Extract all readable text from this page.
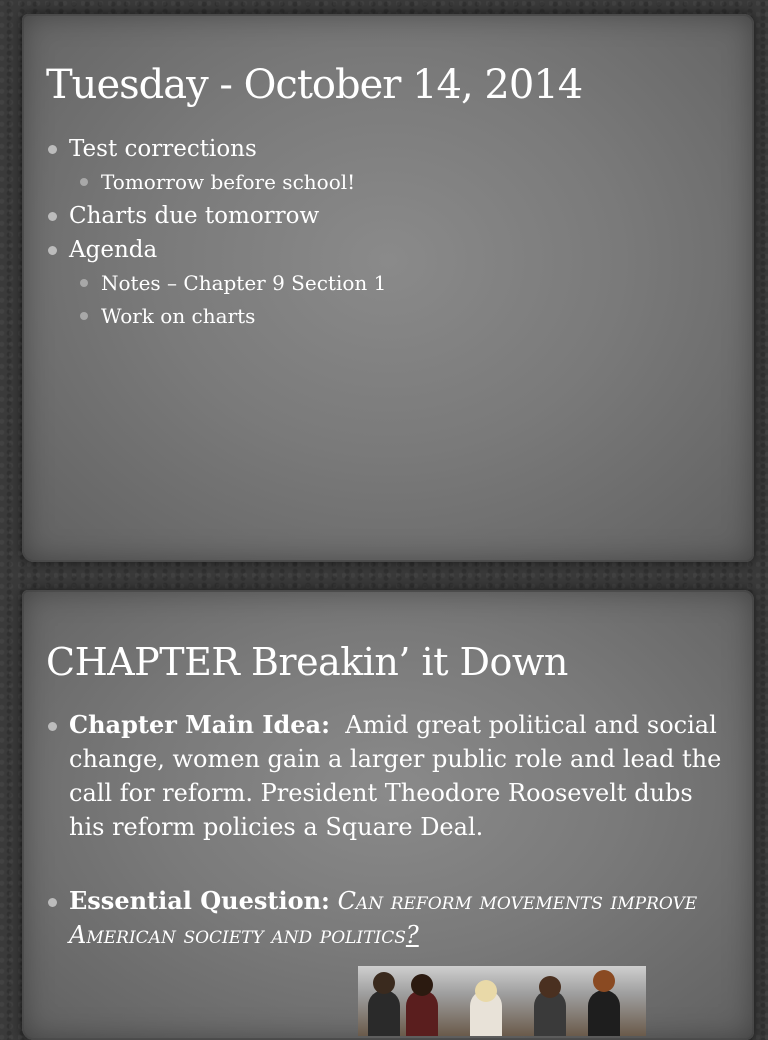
Tuesday - October 14, 2014
Test corrections
Tomorrow before school!
Charts due tomorrow
Agenda
Notes – Chapter 9 Section 1
Work on charts
CHAPTER Breakin’ it Down
Chapter Main Idea: Amid great political and social change, women gain a larger public role and lead the call for reform. President Theodore Roosevelt dubs his reform policies a Square Deal.
Essential Question: Can reform movements improve American society and politics?
